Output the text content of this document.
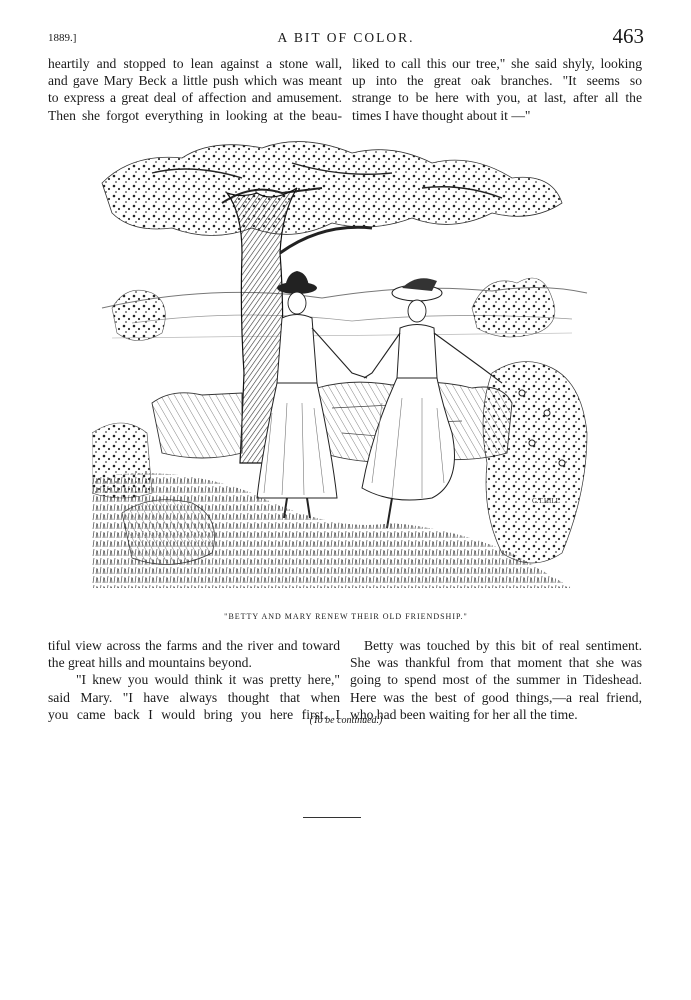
1889.]	A BIT OF COLOR.	463

heartily and stopped to lean against a stone wall,
and gave Mary Beck a little push which was meant
to express a great deal of affection and amusement.
Then she forgot everything in looking at the beau-

liked to call this our tree," she said shyly, looking
up into the great oak branches. "It seems so
strange to be here with you, at last, after all the
times I have thought about it —"

C.T.HILL
"BETTY AND MARY RENEW THEIR OLD FRIENDSHIP."

tiful view across the farms and the river and toward
the great hills and mountains beyond.

"I knew you would think it was pretty here,"
said Mary. "I have always thought that when
you came back I would bring you here first. I

Betty was touched by this bit of real sentiment.
She was thankful from that moment that she was
going to spend most of the summer in Tideshead.
Here was the best of good things,—a real friend,
who had been waiting for her all the time.

(To be continued.)
